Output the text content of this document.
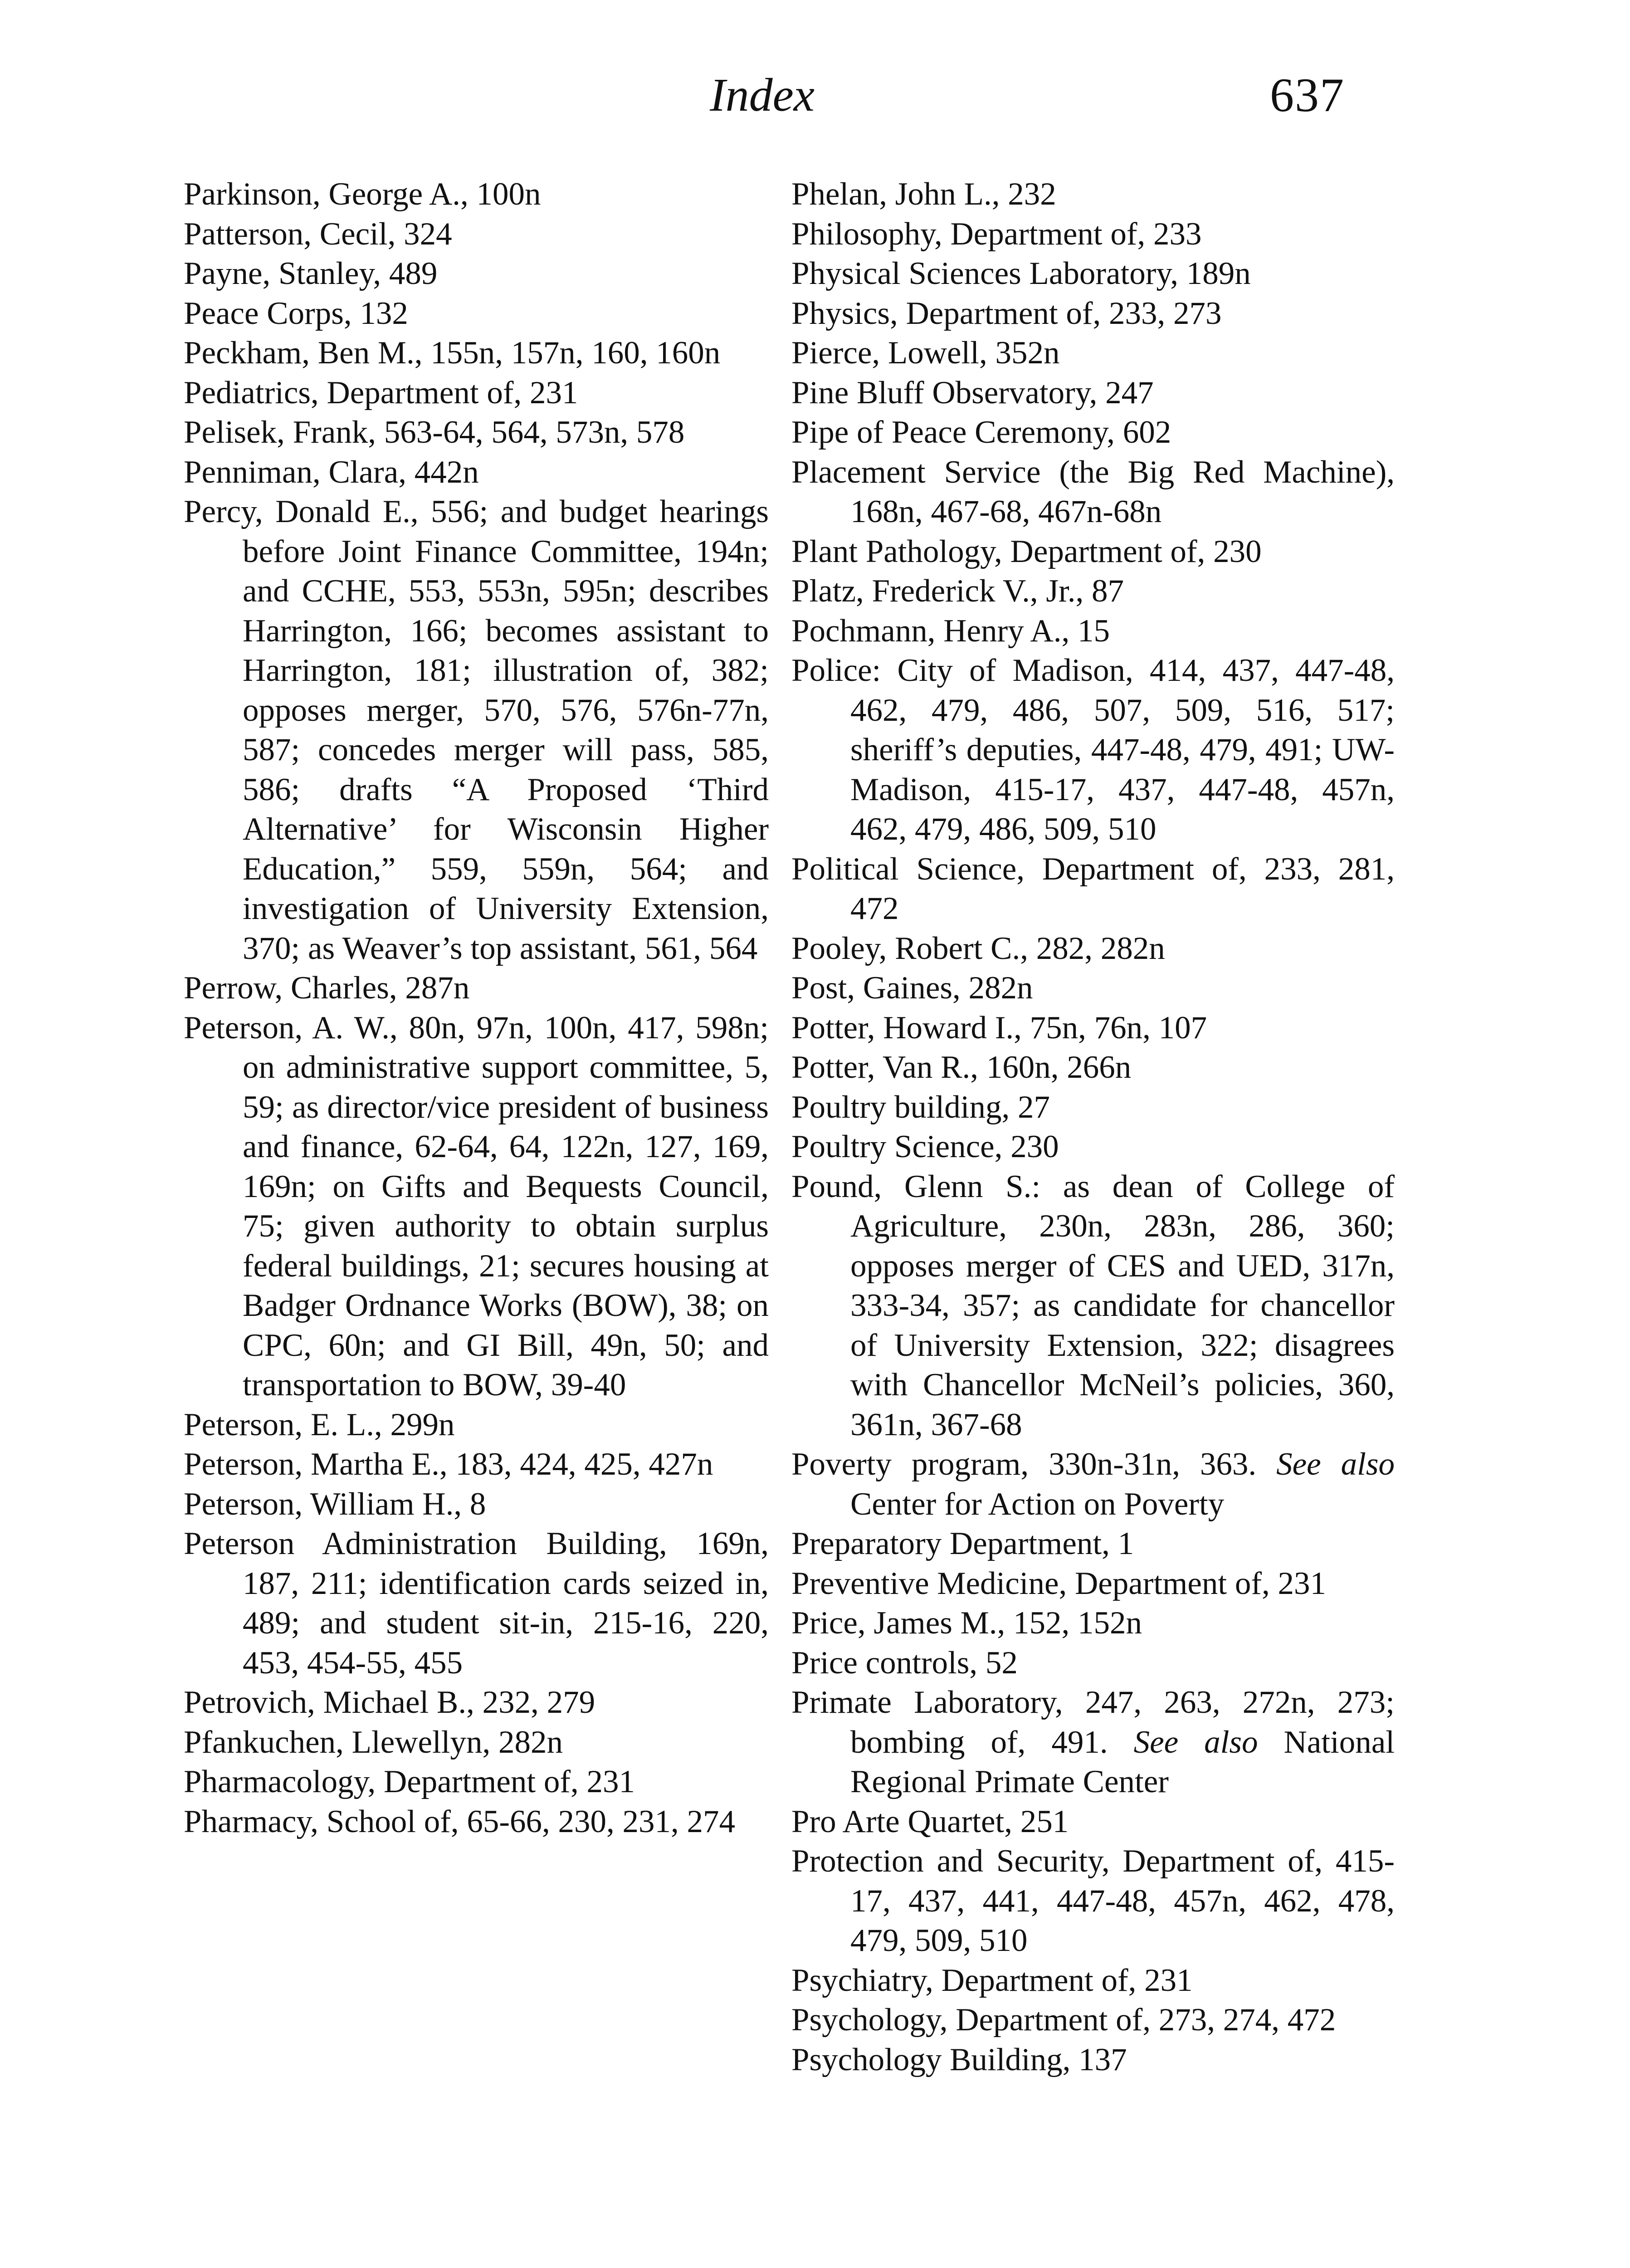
Index	637

Parkinson, George A., 100n

Patterson, Cecil, 324

Payne, Stanley, 489

Peace Corps, 132

Peckham, Ben M., 155n, 157n, 160, 160n

Pediatrics, Department of, 231

Pelisek, Frank, 563-64, 564, 573n, 578

Penniman, Clara, 442n

Percy, Donald E., 556; and budget hearings before Joint Finance Committee, 194n; and CCHE, 553, 553n, 595n; describes Harrington, 166; becomes assistant to Harrington, 181; illustration of, 382; opposes merger, 570, 576, 576n-77n, 587; concedes merger will pass, 585, 586; drafts “A Proposed ‘Third Alternative’ for Wisconsin Higher Education,” 559, 559n, 564; and investigation of University Extension, 370; as Weaver’s top assistant, 561, 564

Perrow, Charles, 287n

Peterson, A. W., 80n, 97n, 100n, 417, 598n; on administrative support committee, 5, 59; as director/vice president of business and finance, 62-64, 64, 122n, 127, 169, 169n; on Gifts and Bequests Council, 75; given authority to obtain surplus federal buildings, 21; secures housing at Badger Ordnance Works (BOW), 38; on CPC, 60n; and GI Bill, 49n, 50; and transportation to BOW, 39-40

Peterson, E. L., 299n

Peterson, Martha E., 183, 424, 425, 427n

Peterson, William H., 8

Peterson Administration Building, 169n, 187, 211; identification cards seized in, 489; and student sit-in, 215-16, 220, 453, 454-55, 455

Petrovich, Michael B., 232, 279

Pfankuchen, Llewellyn, 282n

Pharmacology, Department of, 231

Pharmacy, School of, 65-66, 230, 231, 274

Phelan, John L., 232

Philosophy, Department of, 233

Physical Sciences Laboratory, 189n

Physics, Department of, 233, 273

Pierce, Lowell, 352n

Pine Bluff Observatory, 247

Pipe of Peace Ceremony, 602

Placement Service (the Big Red Machine), 168n, 467-68, 467n-68n

Plant Pathology, Department of, 230

Platz, Frederick V., Jr., 87

Pochmann, Henry A., 15

Police: City of Madison, 414, 437, 447-48, 462, 479, 486, 507, 509, 516, 517; sheriff’s deputies, 447-48, 479, 491; UW-Madison, 415-17, 437, 447-48, 457n, 462, 479, 486, 509, 510

Political Science, Department of, 233, 281, 472

Pooley, Robert C., 282, 282n

Post, Gaines, 282n

Potter, Howard I., 75n, 76n, 107

Potter, Van R., 160n, 266n

Poultry building, 27

Poultry Science, 230

Pound, Glenn S.: as dean of College of Agriculture, 230n, 283n, 286, 360; opposes merger of CES and UED, 317n, 333-34, 357; as candidate for chancellor of University Extension, 322; disagrees with Chancellor McNeil’s policies, 360, 361n, 367-68

Poverty program, 330n-31n, 363. See also Center for Action on Poverty

Preparatory Department, 1

Preventive Medicine, Department of, 231

Price, James M., 152, 152n

Price controls, 52

Primate Laboratory, 247, 263, 272n, 273; bombing of, 491. See also National Regional Primate Center

Pro Arte Quartet, 251

Protection and Security, Department of, 415-17, 437, 441, 447-48, 457n, 462, 478, 479, 509, 510

Psychiatry, Department of, 231

Psychology, Department of, 273, 274, 472

Psychology Building, 137
